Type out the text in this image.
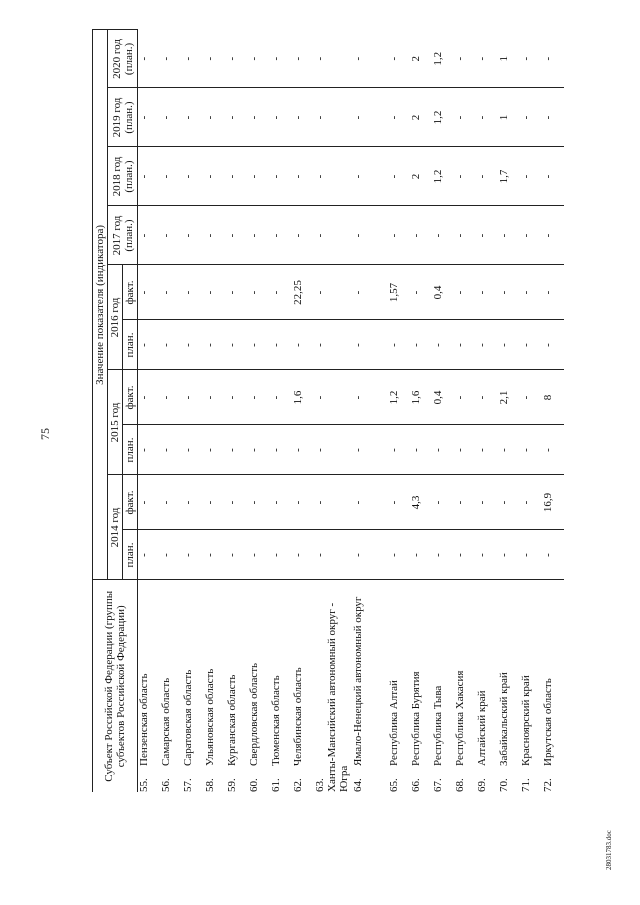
75
Субъект Российской Федерации (группы субъектов Российской Федерации)	Значение показателя (индикатора)									
	2014 год		2015 год		2016 год		2017 год (план.)	2018 год (план.)	2019 год (план.)	2020 год (план.)
	план.	факт.	план.	факт.	план.	факт.				
55.Пензенская область	-	-	-	-	-	-	-	-	-	-
56.Самарская область	-	-	-	-	-	-	-	-	-	-
57.Саратовская область	-	-	-	-	-	-	-	-	-	-
58.Ульяновская область	-	-	-	-	-	-	-	-	-	-
59.Курганская область	-	-	-	-	-	-	-	-	-	-
60.Свердловская область	-	-	-	-	-	-	-	-	-	-
61.Тюменская область	-	-	-	-	-	-	-	-	-	-
62.Челябинская область	-	-	-	1,6	-	22,25	-	-	-	-
63.Ханты-Мансийский автономный округ - Югра	-	-	-	-	-	-	-	-	-	-
64.Ямало-Ненецкий автономный округ	-	-	-	-	-	-	-	-	-	-
65.Республика Алтай	-	-	-	1,2	-	1,57	-	-	-	-
66.Республика Бурятия	-	4,3	-	1,6	-	-	-	2	2	2
67.Республика Тыва	-	-	-	0,4	-	0,4	-	1,2	1,2	1,2
68.Республика Хакасия	-	-	-	-	-	-	-	-	-	-
69.Алтайский край	-	-	-	-	-	-	-	-	-	-
70.Забайкальский край	-	-	-	2,1	-	-	-	1,7	1	1
71.Красноярский край	-	-	-	-	-	-	-	-	-	-
72.Иркутская область	-	16,9	-	8	-	-	-	-	-	-
28031783.doc
